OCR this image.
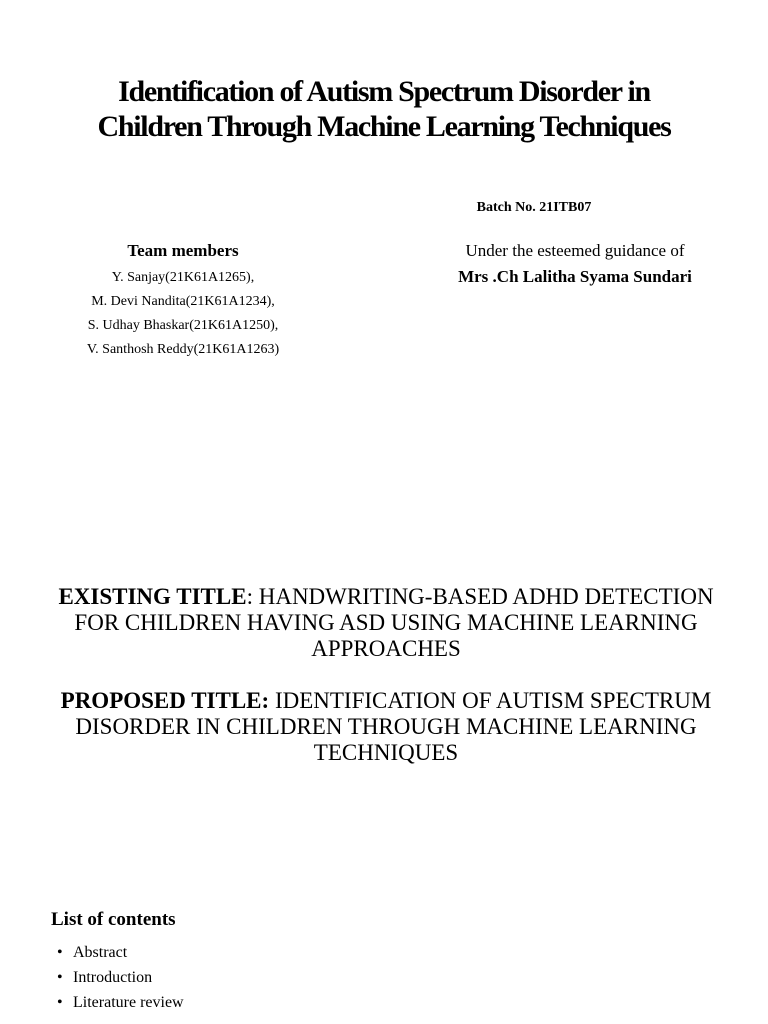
Identification of Autism Spectrum Disorder in Children Through Machine Learning Techniques
Batch No. 21ITB07
Team members
Y. Sanjay(21K61A1265),
M. Devi Nandita(21K61A1234),
S. Udhay Bhaskar(21K61A1250),
V. Santhosh Reddy(21K61A1263)
Under the esteemed guidance of
Mrs .Ch Lalitha Syama Sundari

EXISTING TITLE: HANDWRITING-BASED ADHD DETECTION FOR CHILDREN HAVING ASD USING MACHINE LEARNING APPROACHES

PROPOSED TITLE: IDENTIFICATION OF AUTISM SPECTRUM DISORDER IN CHILDREN THROUGH MACHINE LEARNING TECHNIQUES

List of contents
• Abstract
• Introduction
• Literature review
